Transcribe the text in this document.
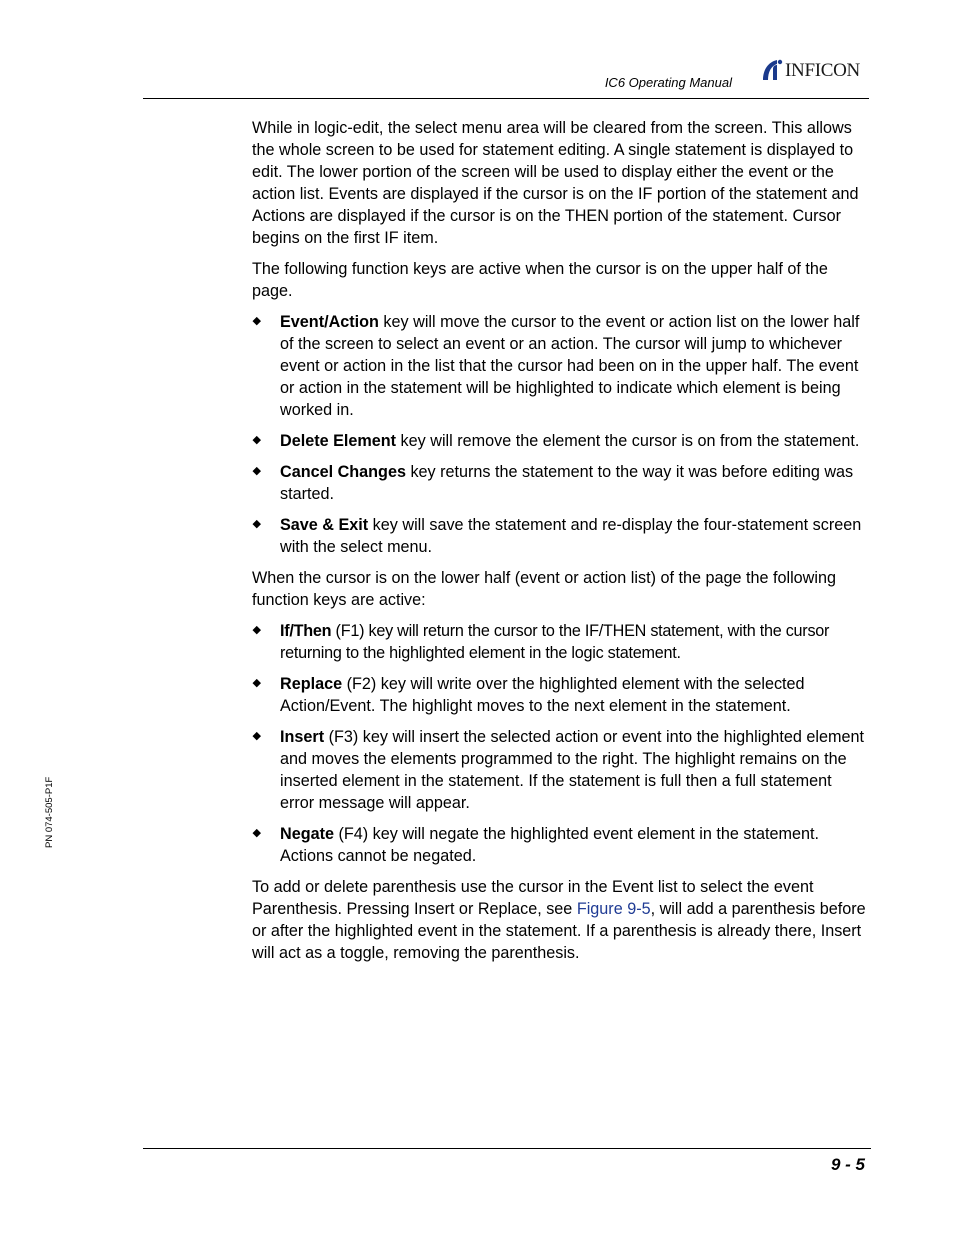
IC6 Operating Manual
INFICON
PN 074-505-P1F

While in logic-edit, the select menu area will be cleared from the screen. This allows the whole screen to be used for statement editing. A single statement is displayed to edit. The lower portion of the screen will be used to display either the event or the action list. Events are displayed if the cursor is on the IF portion of the statement and Actions are displayed if the cursor is on the THEN portion of the statement. Cursor begins on the first IF item.

The following function keys are active when the cursor is on the upper half of the page.

Event/Action key will move the cursor to the event or action list on the lower half of the screen to select an event or an action. The cursor will jump to whichever event or action in the list that the cursor had been on in the upper half. The event or action in the statement will be highlighted to indicate which element is being worked in.
Delete Element key will remove the element the cursor is on from the statement.
Cancel Changes key returns the statement to the way it was before editing was started.
Save & Exit key will save the statement and re-display the four-statement screen with the select menu.

When the cursor is on the lower half (event or action list) of the page the following function keys are active:

If/Then (F1) key will return the cursor to the IF/THEN statement, with the cursor returning to the highlighted element in the logic statement.
Replace (F2) key will write over the highlighted element with the selected Action/Event. The highlight moves to the next element in the statement.
Insert (F3) key will insert the selected action or event into the highlighted element and moves the elements programmed to the right. The highlight remains on the inserted element in the statement. If the statement is full then a full statement error message will appear.
Negate (F4) key will negate the highlighted event element in the statement. Actions cannot be negated.

To add or delete parenthesis use the cursor in the Event list to select the event Parenthesis. Pressing Insert or Replace, see Figure 9-5, will add a parenthesis before or after the highlighted event in the statement. If a parenthesis is already there, Insert will act as a toggle, removing the parenthesis.

9 - 5
